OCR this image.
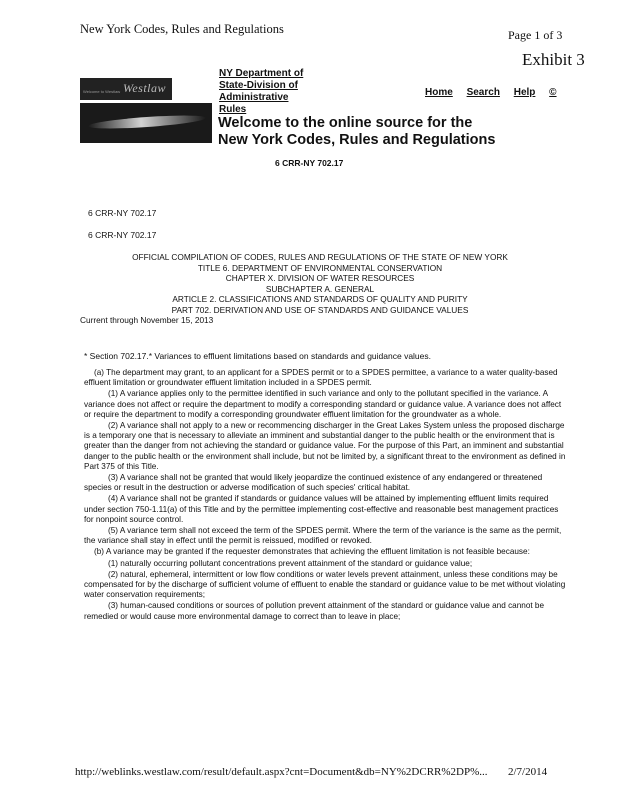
New York Codes, Rules and Regulations	Page 1 of 3
Exhibit 3
Welcome to Westlaw Westlaw
NY Department of
State-Division of
Administrative
Rules
Home Search Help ©
Welcome to the online source for the
New York Codes, Rules and Regulations
6 CRR-NY 702.17
6 CRR-NY 702.17
6 CRR-NY 702.17
OFFICIAL COMPILATION OF CODES, RULES AND REGULATIONS OF THE STATE OF NEW YORK
TITLE 6. DEPARTMENT OF ENVIRONMENTAL CONSERVATION
CHAPTER X. DIVISION OF WATER RESOURCES
SUBCHAPTER A. GENERAL
ARTICLE 2. CLASSIFICATIONS AND STANDARDS OF QUALITY AND PURITY
PART 702. DERIVATION AND USE OF STANDARDS AND GUIDANCE VALUES
Current through November 15, 2013
* Section 702.17.* Variances to effluent limitations based on standards and guidance values.

(a) The department may grant, to an applicant for a SPDES permit or to a SPDES permittee, a variance to a water quality-based effluent limitation or groundwater effluent limitation included in a SPDES permit.

(1) A variance applies only to the permittee identified in such variance and only to the pollutant specified in the variance. A variance does not affect or require the department to modify a corresponding standard or guidance value. A variance does not affect or require the department to modify a corresponding groundwater effluent limitation for the groundwater as a whole.

(2) A variance shall not apply to a new or recommencing discharger in the Great Lakes System unless the proposed discharge is a temporary one that is necessary to alleviate an imminent and substantial danger to the public health or the environment that is greater than the danger from not achieving the standard or guidance value. For the purpose of this Part, an imminent and substantial danger to the public health or the environment shall include, but not be limited by, a significant threat to the environment as defined in Part 375 of this Title.

(3) A variance shall not be granted that would likely jeopardize the continued existence of any endangered or threatened species or result in the destruction or adverse modification of such species' critical habitat.

(4) A variance shall not be granted if standards or guidance values will be attained by implementing effluent limits required under section 750-1.11(a) of this Title and by the permittee implementing cost-effective and reasonable best management practices for nonpoint source control.

(5) A variance term shall not exceed the term of the SPDES permit. Where the term of the variance is the same as the permit, the variance shall stay in effect until the permit is reissued, modified or revoked.

(b) A variance may be granted if the requester demonstrates that achieving the effluent limitation is not feasible because:

(1) naturally occurring pollutant concentrations prevent attainment of the standard or guidance value;

(2) natural, ephemeral, intermittent or low flow conditions or water levels prevent attainment, unless these conditions may be compensated for by the discharge of sufficient volume of effluent to enable the standard or guidance value to be met without violating water conservation requirements;

(3) human-caused conditions or sources of pollution prevent attainment of the standard or guidance value and cannot be remedied or would cause more environmental damage to correct than to leave in place;

http://weblinks.westlaw.com/result/default.aspx?cnt=Document&db=NY%2DCRR%2DP%... 2/7/2014
